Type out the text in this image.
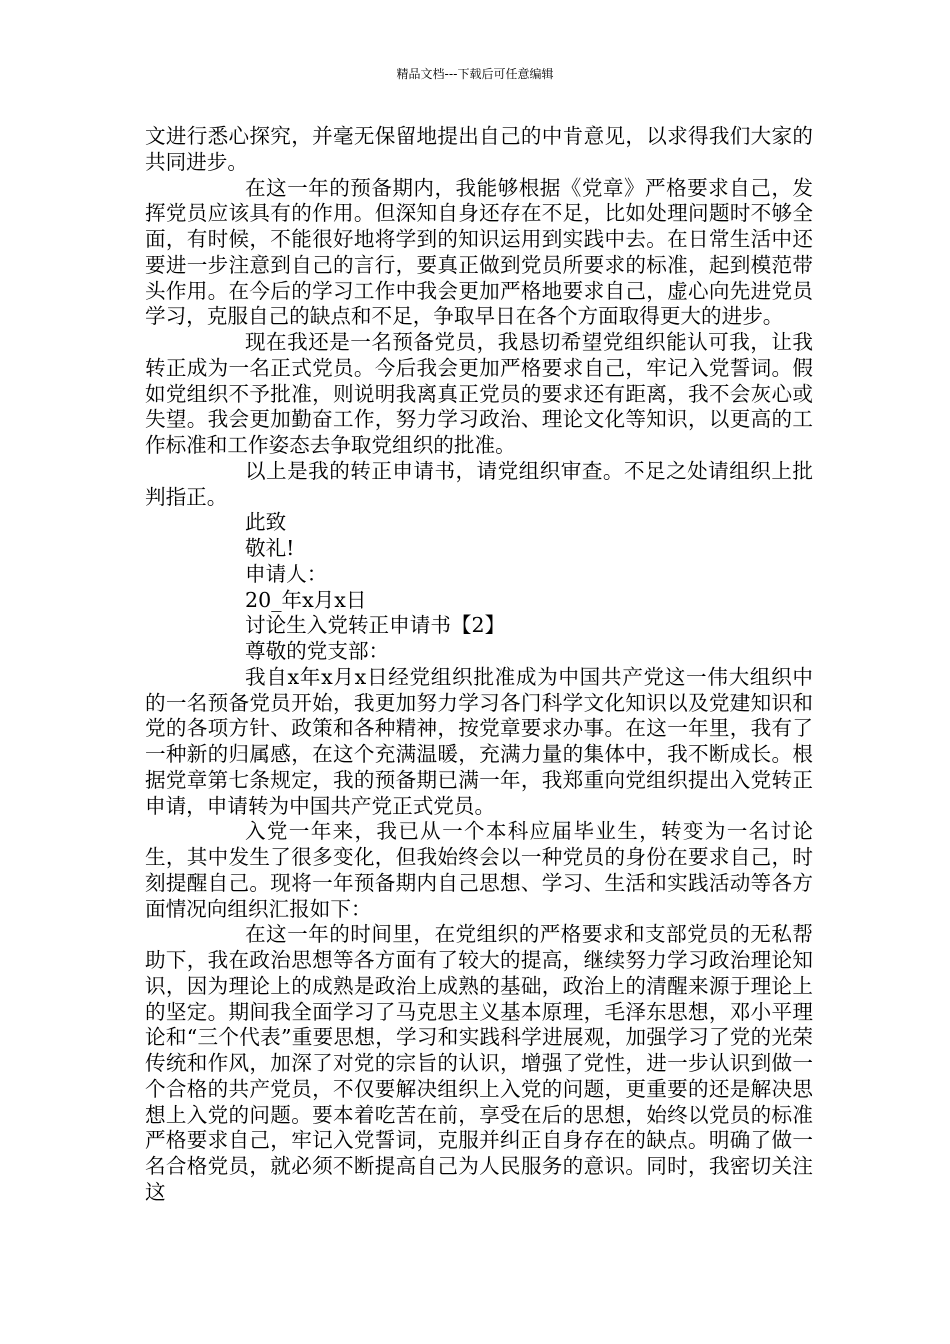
精品文档---下载后可任意编辑

文进行悉心探究，并毫无保留地提出自己的中肯意见，以求得我们大家的共同进步。

在这一年的预备期内，我能够根据《党章》严格要求自己，发挥党员应该具有的作用。但深知自身还存在不足，比如处理问题时不够全面，有时候，不能很好地将学到的知识运用到实践中去。在日常生活中还要进一步注意到自己的言行，要真正做到党员所要求的标准，起到模范带头作用。在今后的学习工作中我会更加严格地要求自己，虚心向先进党员学习，克服自己的缺点和不足，争取早日在各个方面取得更大的进步。

现在我还是一名预备党员，我恳切希望党组织能认可我，让我转正成为一名正式党员。今后我会更加严格要求自己，牢记入党誓词。假如党组织不予批准，则说明我离真正党员的要求还有距离，我不会灰心或失望。我会更加勤奋工作，努力学习政治、理论文化等知识，以更高的工作标准和工作姿态去争取党组织的批准。

以上是我的转正申请书，请党组织审查。不足之处请组织上批判指正。

此致

敬礼!

申请人：

20_年x月x日

讨论生入党转正申请书【2】

尊敬的党支部：

我自x年x月x日经党组织批准成为中国共产党这一伟大组织中的一名预备党员开始，我更加努力学习各门科学文化知识以及党建知识和党的各项方针、政策和各种精神，按党章要求办事。在这一年里，我有了一种新的归属感，在这个充满温暖，充满力量的集体中，我不断成长。根据党章第七条规定，我的预备期已满一年，我郑重向党组织提出入党转正申请，申请转为中国共产党正式党员。

入党一年来，我已从一个本科应届毕业生，转变为一名讨论生，其中发生了很多变化，但我始终会以一种党员的身份在要求自己，时刻提醒自己。现将一年预备期内自己思想、学习、生活和实践活动等各方面情况向组织汇报如下：

在这一年的时间里，在党组织的严格要求和支部党员的无私帮助下，我在政治思想等各方面有了较大的提高，继续努力学习政治理论知识，因为理论上的成熟是政治上成熟的基础，政治上的清醒来源于理论上的坚定。期间我全面学习了马克思主义基本原理，毛泽东思想，邓小平理论和“三个代表”重要思想，学习和实践科学进展观，加强学习了党的光荣传统和作风，加深了对党的宗旨的认识，增强了党性，进一步认识到做一个合格的共产党员，不仅要解决组织上入党的问题，更重要的还是解决思想上入党的问题。要本着吃苦在前，享受在后的思想，始终以党员的标准严格要求自己，牢记入党誓词，克服并纠正自身存在的缺点。明确了做一名合格党员，就必须不断提高自己为人民服务的意识。同时，我密切关注这
